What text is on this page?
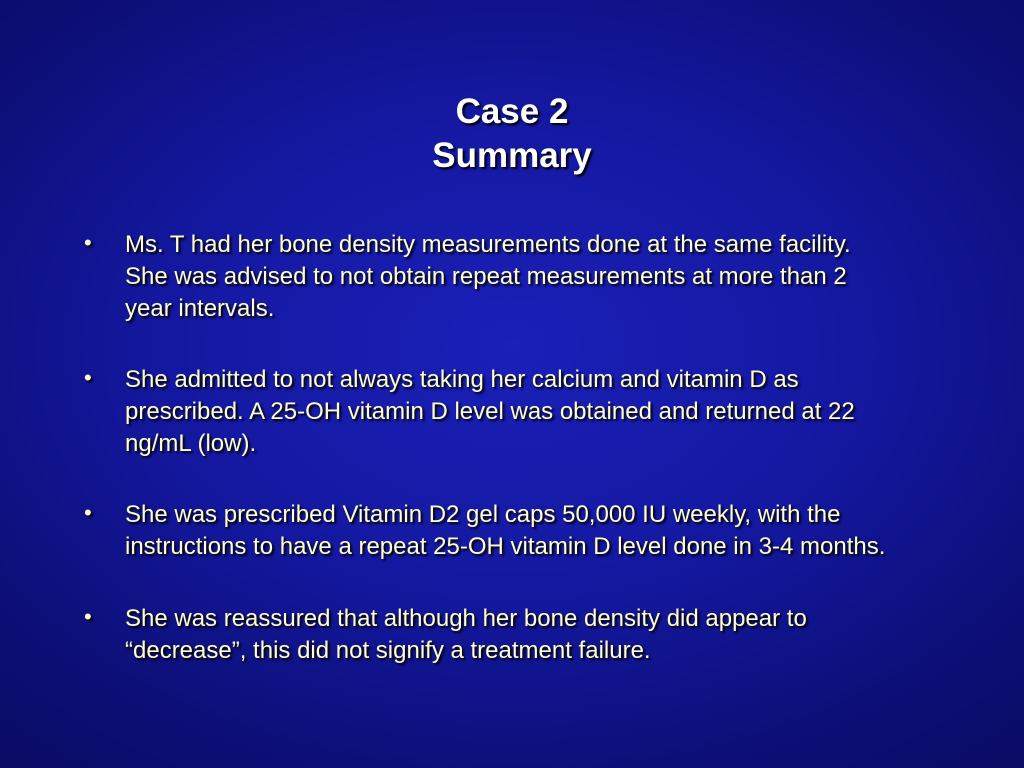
Case 2
Summary
•	Ms. T had her bone density measurements done at the same facility.
She was advised to not obtain repeat measurements at more than 2
year intervals.
•	She admitted to not always taking her calcium and vitamin D as
prescribed. A 25-OH vitamin D level was obtained and returned at 22
ng/mL (low).
•	She was prescribed Vitamin D2 gel caps 50,000 IU weekly, with the
instructions to have a repeat 25-OH vitamin D level done in 3-4 months.
•	She was reassured that although her bone density did appear to
“decrease”, this did not signify a treatment failure.
